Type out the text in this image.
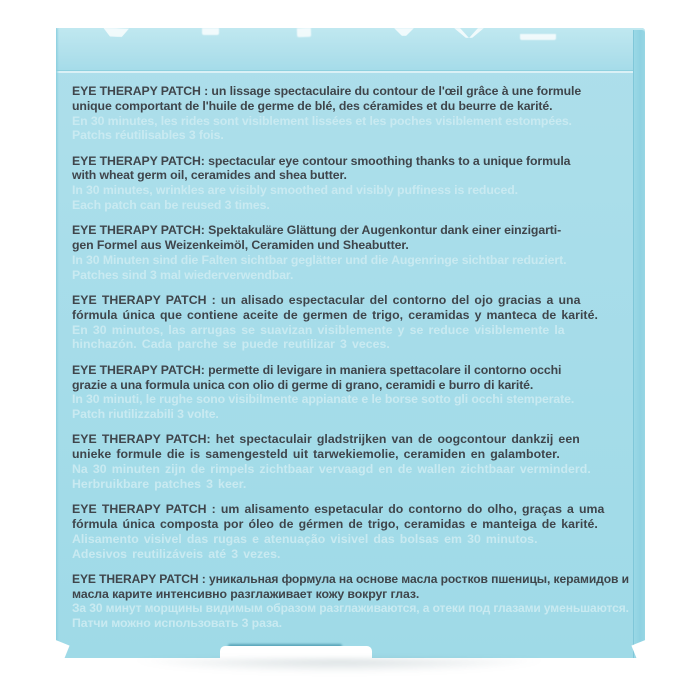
EYE THERAPY PATCH : un lissage spectaculaire du contour de l'œil grâce à une formule
unique comportant de l'huile de germe de blé, des céramides et du beurre de karité.
En 30 minutes, les rides sont visiblement lissées et les poches visiblement estompées.
Patchs réutilisables 3 fois.
EYE THERAPY PATCH: spectacular eye contour smoothing thanks to a unique formula
with wheat germ oil, ceramides and shea butter.
In 30 minutes, wrinkles are visibly smoothed and visibly puffiness is reduced.
Each patch can be reused 3 times.
EYE THERAPY PATCH: Spektakuläre Glättung der Augenkontur dank einer einzigarti-
gen Formel aus Weizenkeimöl, Ceramiden und Sheabutter.
In 30 Minuten sind die Falten sichtbar geglätter und die Augenringe sichtbar reduziert.
Patches sind 3 mal wiederverwendbar.
EYE THERAPY PATCH : un alisado espectacular del contorno del ojo gracias a una
fórmula única que contiene aceite de germen de trigo, ceramidas y manteca de karité.
En 30 minutos, las arrugas se suavizan visiblemente y se reduce visiblemente la
hinchazón. Cada parche se puede reutilizar 3 veces.
EYE THERAPY PATCH: permette di levigare in maniera spettacolare il contorno occhi
grazie a una formula unica con olio di germe di grano, ceramidi e burro di karité.
In 30 minuti, le rughe sono visibilmente appianate e le borse sotto gli occhi stemperate.
Patch riutilizzabili 3 volte.
EYE THERAPY PATCH: het spectaculair gladstrijken van de oogcontour dankzij een
unieke formule die is samengesteld uit tarwekiemolie, ceramiden en galamboter.
Na 30 minuten zijn de rimpels zichtbaar vervaagd en de wallen zichtbaar verminderd.
Herbruikbare patches 3 keer.
EYE THERAPY PATCH : um alisamento espetacular do contorno do olho, graças a uma
fórmula única composta por óleo de gérmen de trigo, ceramidas e manteiga de karité.
Alisamento visivel das rugas e atenuação visivel das bolsas em 30 minutos.
Adesivos reutilizáveis até 3 vezes.
EYE THERAPY PATCH : уникальная формула на основе масла ростков пшеницы, керамидов и
масла карите интенсивно разглаживает кожу вокруг глаз.
За 30 минут морщины видимым образом разглаживаются, а отеки под глазами уменьшаются.
Патчи можно использовать 3 раза.
